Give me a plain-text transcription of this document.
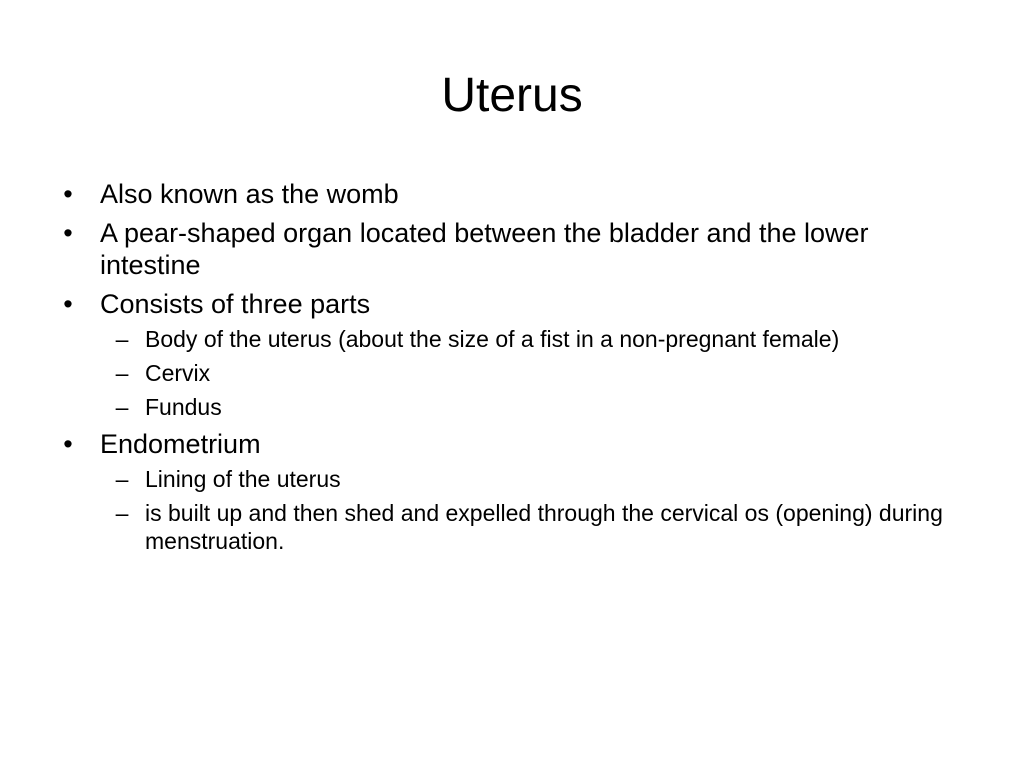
Uterus
• Also known as the womb
• A pear-shaped organ located between the bladder and the lower intestine
• Consists of three parts
– Body of the uterus (about the size of a fist in a non-pregnant female)
– Cervix
– Fundus
• Endometrium
– Lining of the uterus
– is built up and then shed and expelled through the cervical os (opening) during menstruation.
